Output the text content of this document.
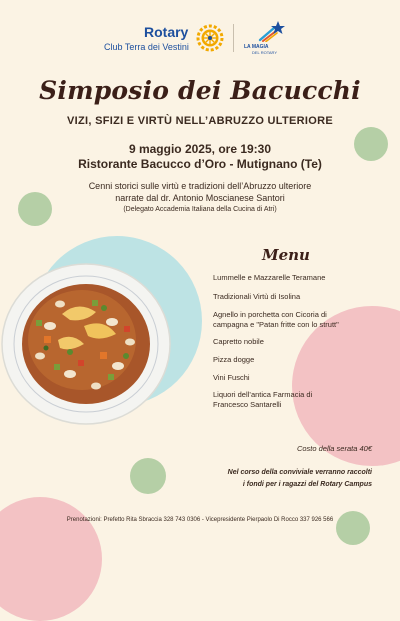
Rotary
Club Terra dei Vestini	LA MAGIA
DEL ROTARY
Simposio dei Bacucchi
VIZI, SFIZI E VIRTÙ NELL’ABRUZZO ULTERIORE
9 maggio 2025, ore 19:30
Ristorante Bacucco d’Oro - Mutignano (Te)
Cenni storici sulle virtù e tradizioni dell’Abruzzo ulteriore
narrate dal dr. Antonio Moscianese Santori
(Delegato Accademia Italiana della Cucina di Atri)
Menu
Lummelle e Mazzarelle Teramane
Tradizionali Virtù di Isolina
Agnello in porchetta con Cicoria di
campagna e "Patan fritte con lo strutt"
Capretto nobile
Pizza dogge
Vini Fuschi
Liquori dell’antica Farmacia di
Francesco Santarelli
Costo della serata 40€
Nel corso della conviviale verranno raccolti
i fondi per i ragazzi del Rotary Campus
Prenotazioni: Prefetto Rita Sbraccia 328 743 0306 - Vicepresidente Pierpaolo Di Rocco 337 926 566
